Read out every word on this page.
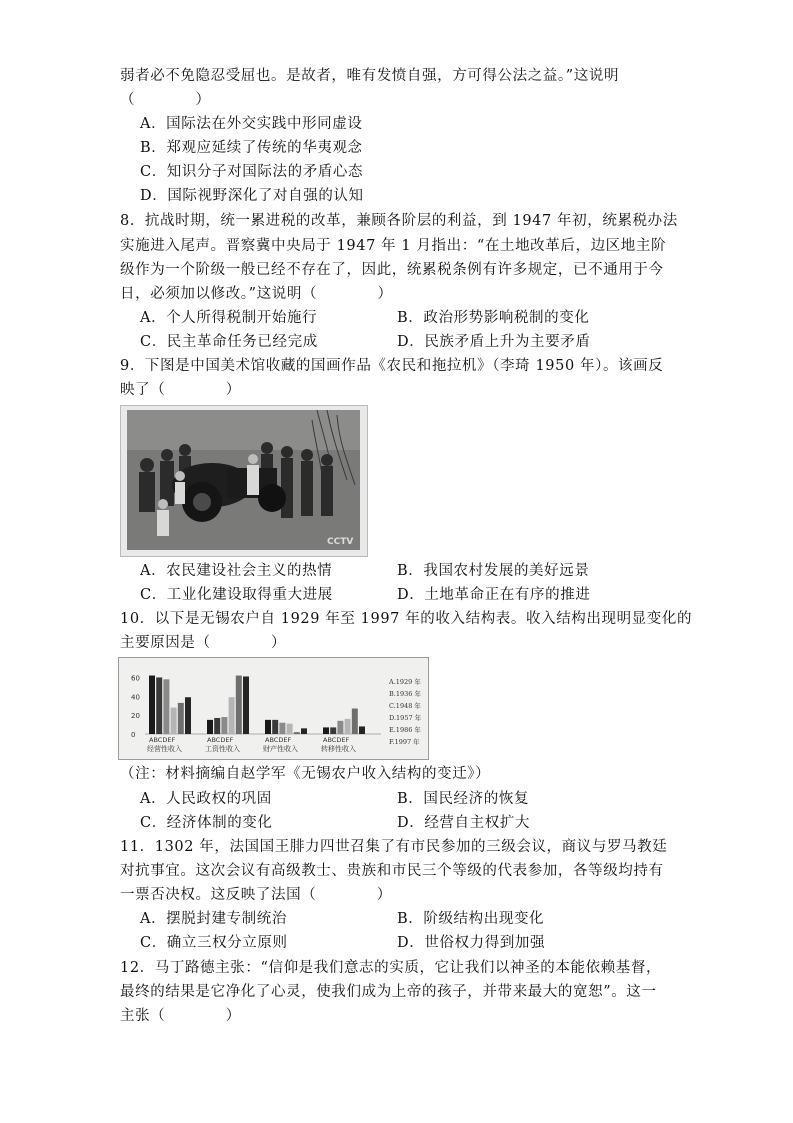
弱者必不免隐忍受屈也。是故者，唯有发愤自强，方可得公法之益。”这说明
（　　　　）
A．国际法在外交实践中形同虚设
B．郑观应延续了传统的华夷观念
C．知识分子对国际法的矛盾心态
D．国际视野深化了对自强的认知
8．抗战时期，统一累进税的改革，兼顾各阶层的利益，到 1947 年初，统累税办法
实施进入尾声。晋察冀中央局于 1947 年 1 月指出：“在土地改革后，边区地主阶
级作为一个阶级一般已经不存在了，因此，统累税条例有许多规定，已不通用于今
日，必须加以修改。”这说明（　　　　）
A．个人所得税制开始施行	B．政治形势影响税制的变化
C．民主革命任务已经完成	D．民族矛盾上升为主要矛盾
9．下图是中国美术馆收藏的国画作品《农民和拖拉机》（李琦 1950 年）。该画反
映了（　　　　）
CCTV
A．农民建设社会主义的热情	B．我国农村发展的美好远景
C．工业化建设取得重大进展	D．土地革命正在有序的推进
10．以下是无锡农户自 1929 年至 1997 年的收入结构表。收入结构出现明显变化的
主要原因是（　　　　）
60
40
20
0
ABCDEF
经营性收入
ABCDEF
工资性收入
ABCDEF
财产性收入
ABCDEF
转移性收入
A.1929 年
B.1936 年
C.1948 年
D.1957 年
E.1986 年
F.1997 年
（注：材料摘编自赵学军《无锡农户收入结构的变迁》）
A．人民政权的巩固	B．国民经济的恢复
C．经济体制的变化	D．经营自主权扩大
11．1302 年，法国国王腓力四世召集了有市民参加的三级会议，商议与罗马教廷
对抗事宜。这次会议有高级教士、贵族和市民三个等级的代表参加，各等级均持有
一票否决权。这反映了法国（　　　　）
A．摆脱封建专制统治	B．阶级结构出现变化
C．确立三权分立原则	D．世俗权力得到加强
12．马丁路德主张：“信仰是我们意志的实质，它让我们以神圣的本能依赖基督，
最终的结果是它净化了心灵，使我们成为上帝的孩子，并带来最大的宽恕”。这一
主张（　　　　）
